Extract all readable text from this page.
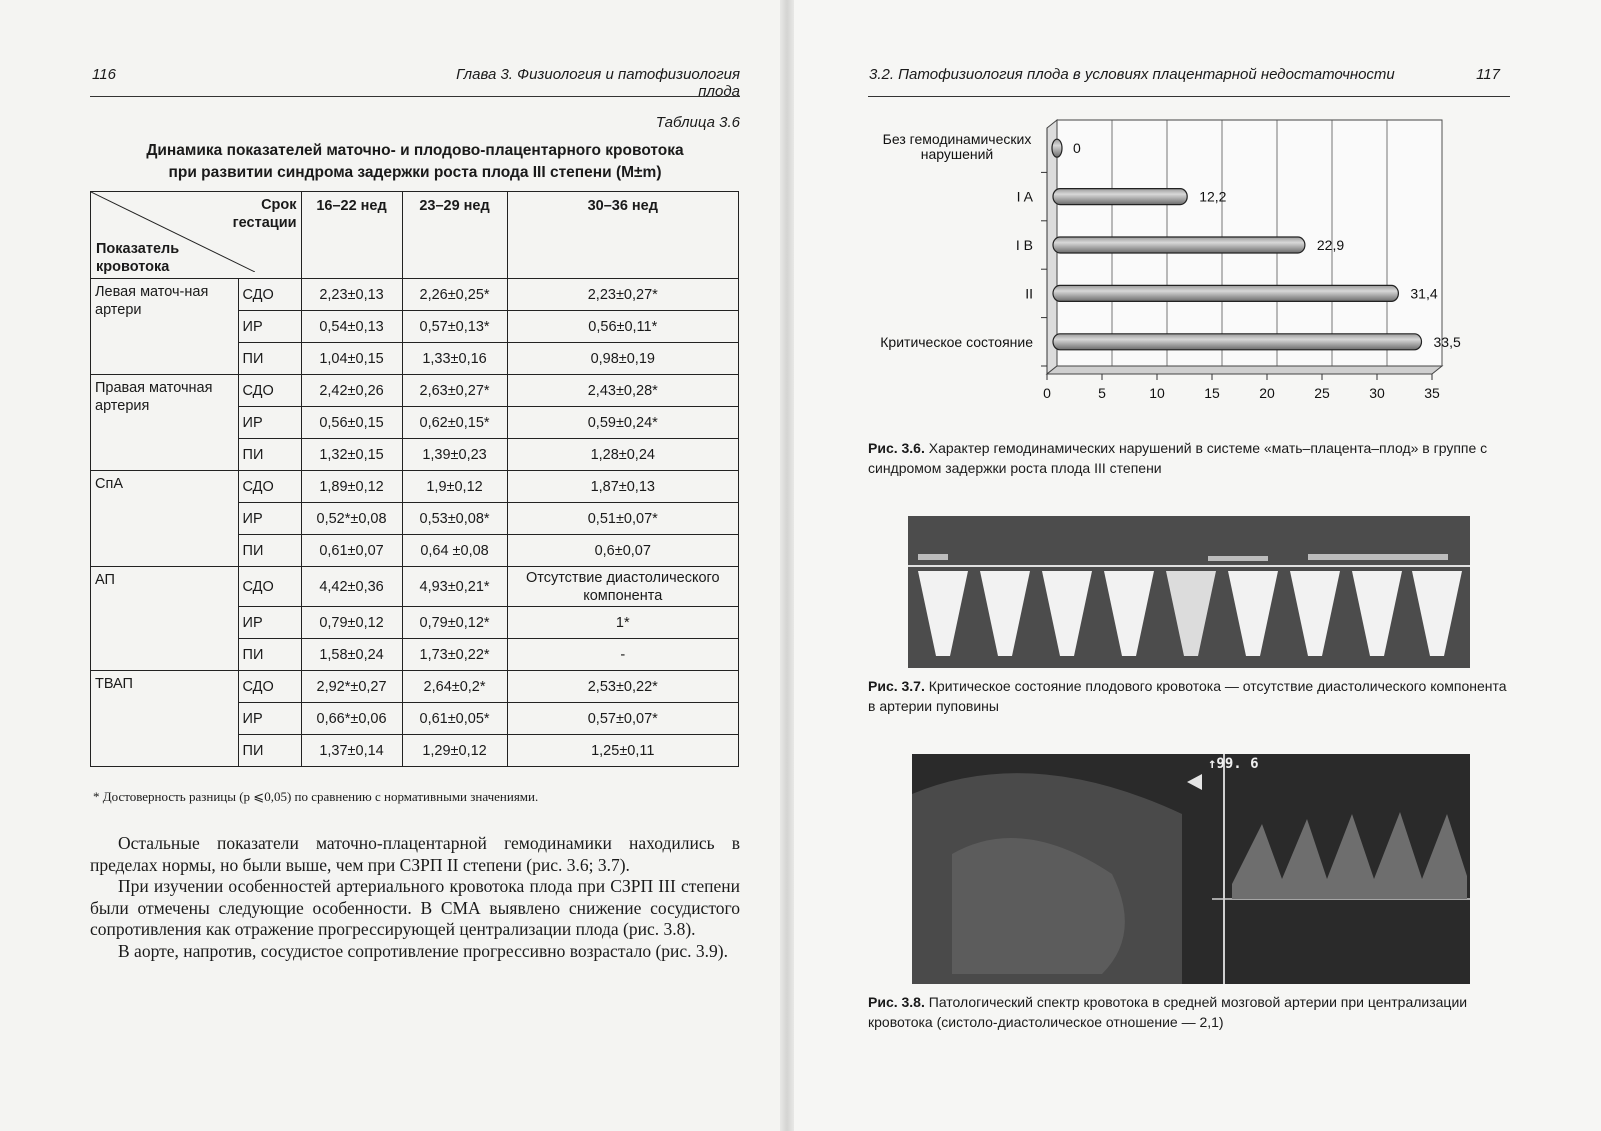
116	Глава 3. Физиология и патофизиология плода
Таблица 3.6
Динамика показателей маточно- и плодово-плацентарного кровотока
при развитии синдрома задержки роста плода III степени (M±m)
Срок
гестации
Показатель
кровотока		16–22 нед	23–29 нед	30–36 нед
Левая маточ-ная артери	СДО	2,23±0,13	2,26±0,25*	2,23±0,27*
	ИР	0,54±0,13	0,57±0,13*	0,56±0,11*
	ПИ	1,04±0,15	1,33±0,16	0,98±0,19
Правая маточная артерия	СДО	2,42±0,26	2,63±0,27*	2,43±0,28*
	ИР	0,56±0,15	0,62±0,15*	0,59±0,24*
	ПИ	1,32±0,15	1,39±0,23	1,28±0,24
СпА	СДО	1,89±0,12	1,9±0,12	1,87±0,13
	ИР	0,52*±0,08	0,53±0,08*	0,51±0,07*
	ПИ	0,61±0,07	0,64 ±0,08	0,6±0,07
АП	СДО	4,42±0,36	4,93±0,21*	Отсутствие диастолического компонента
	ИР	0,79±0,12	0,79±0,12*	1*
	ПИ	1,58±0,24	1,73±0,22*	-
ТВАП	СДО	2,92*±0,27	2,64±0,2*	2,53±0,22*
	ИР	0,66*±0,06	0,61±0,05*	0,57±0,07*
	ПИ	1,37±0,14	1,29±0,12	1,25±0,11
* Достоверность разницы (p ⩽0,05) по сравнению с нормативными значениями.

Остальные показатели маточно-плацентарной гемодинамики находились в пределах нормы, но были выше, чем при СЗРП II степени (рис. 3.6; 3.7).

При изучении особенностей артериального кровотока плода при СЗРП III степени были отмечены следующие особенности. В СМА выявлено снижение сосудистого сопротивления как отражение прогрессирующей централизации плода (рис. 3.8).

В аорте, напротив, сосудистое сопротивление прогрессивно возрастало (рис. 3.9).

3.2. Патофизиология плода в условиях плацентарной недостаточности	117
0	5	10	15	20	25	30	35
0
Без гемодинамических нарушений
12,2
I A
22,9
I B
31,4
II
33,5
Критическое состояние
Рис. 3.6. Характер гемодинамических нарушений в системе «мать–плацента–плод» в группе с синдромом задержки роста плода III степени
Рис. 3.7. Критическое состояние плодового кровотока — отсутствие диастолического компонента в артерии пуповины
↑99. 6
Рис. 3.8. Патологический спектр кровотока в средней мозговой артерии при централизации кровотока (систоло-диастолическое отношение — 2,1)
